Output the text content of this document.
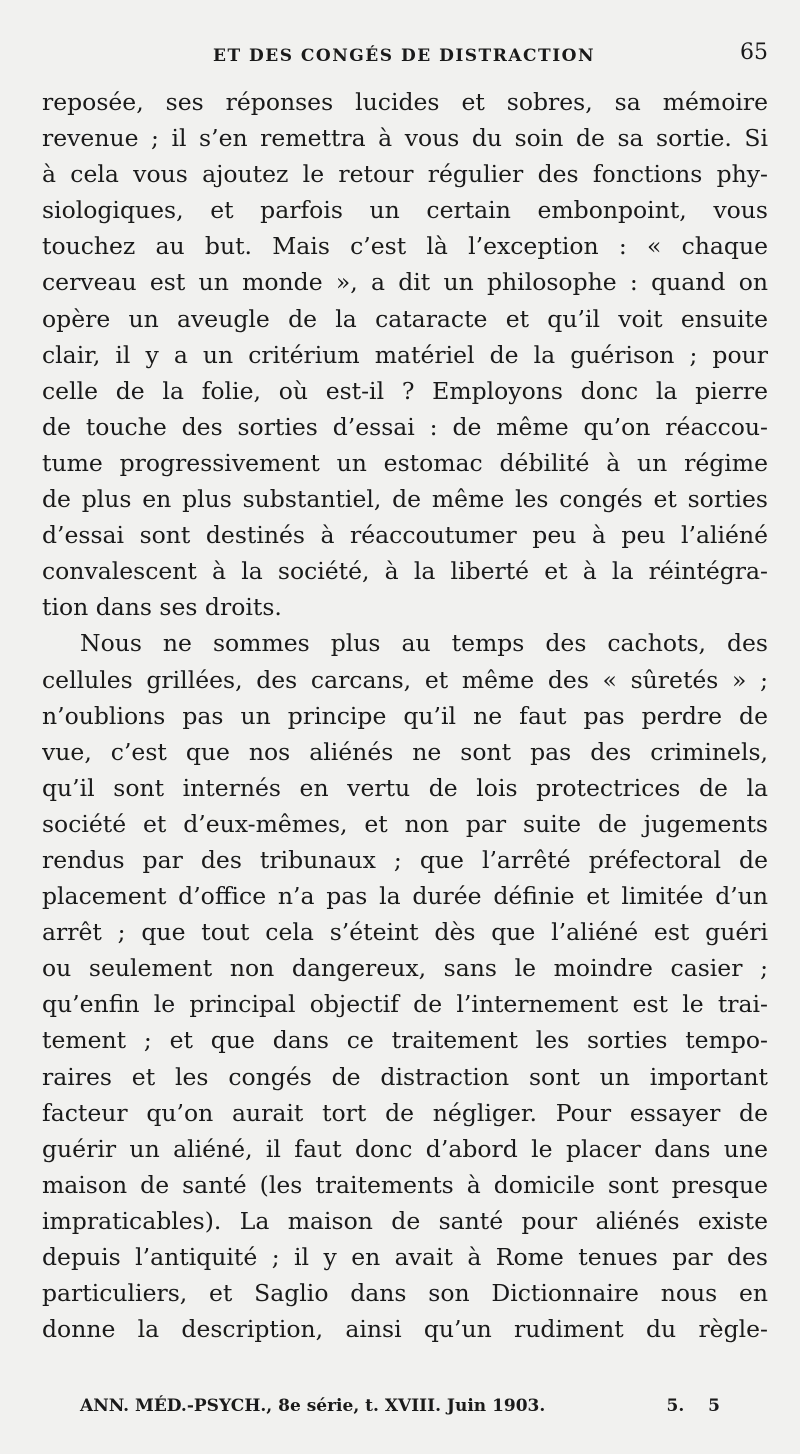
ET DES CONGÉS DE DISTRACTION	65
reposée, ses réponses lucides et sobres, sa mémoire
revenue ; il s’en remettra à vous du soin de sa sortie. Si
à cela vous ajoutez le retour régulier des fonctions phy-
siologiques, et parfois un certain embonpoint, vous
touchez au but. Mais c’est là l’exception : « chaque
cerveau est un monde », a dit un philosophe : quand on
opère un aveugle de la cataracte et qu’il voit ensuite
clair, il y a un critérium matériel de la guérison ; pour
celle de la folie, où est-il ? Employons donc la pierre
de touche des sorties d’essai : de même qu’on réaccou-
tume progressivement un estomac débilité à un régime
de plus en plus substantiel, de même les congés et sorties
d’essai sont destinés à réaccoutumer peu à peu l’aliéné
convalescent à la société, à la liberté et à la réintégra-
tion dans ses droits.
Nous ne sommes plus au temps des cachots, des
cellules grillées, des carcans, et même des « sûretés » ;
n’oublions pas un principe qu’il ne faut pas perdre de
vue, c’est que nos aliénés ne sont pas des criminels,
qu’il sont internés en vertu de lois protectrices de la
société et d’eux-mêmes, et non par suite de jugements
rendus par des tribunaux ; que l’arrêté préfectoral de
placement d’office n’a pas la durée définie et limitée d’un
arrêt ; que tout cela s’éteint dès que l’aliéné est guéri
ou seulement non dangereux, sans le moindre casier ;
qu’enfin le principal objectif de l’internement est le trai-
tement ; et que dans ce traitement les sorties tempo-
raires et les congés de distraction sont un important
facteur qu’on aurait tort de négliger. Pour essayer de
guérir un aliéné, il faut donc d’abord le placer dans une
maison de santé (les traitements à domicile sont presque
impraticables). La maison de santé pour aliénés existe
depuis l’antiquité ; il y en avait à Rome tenues par des
particuliers, et Saglio dans son Dictionnaire nous en
donne la description, ainsi qu’un rudiment du règle-
ANN. MÉD.-PSYCH., 8e série, t. XVIII. Juin 1903.	5. 5
